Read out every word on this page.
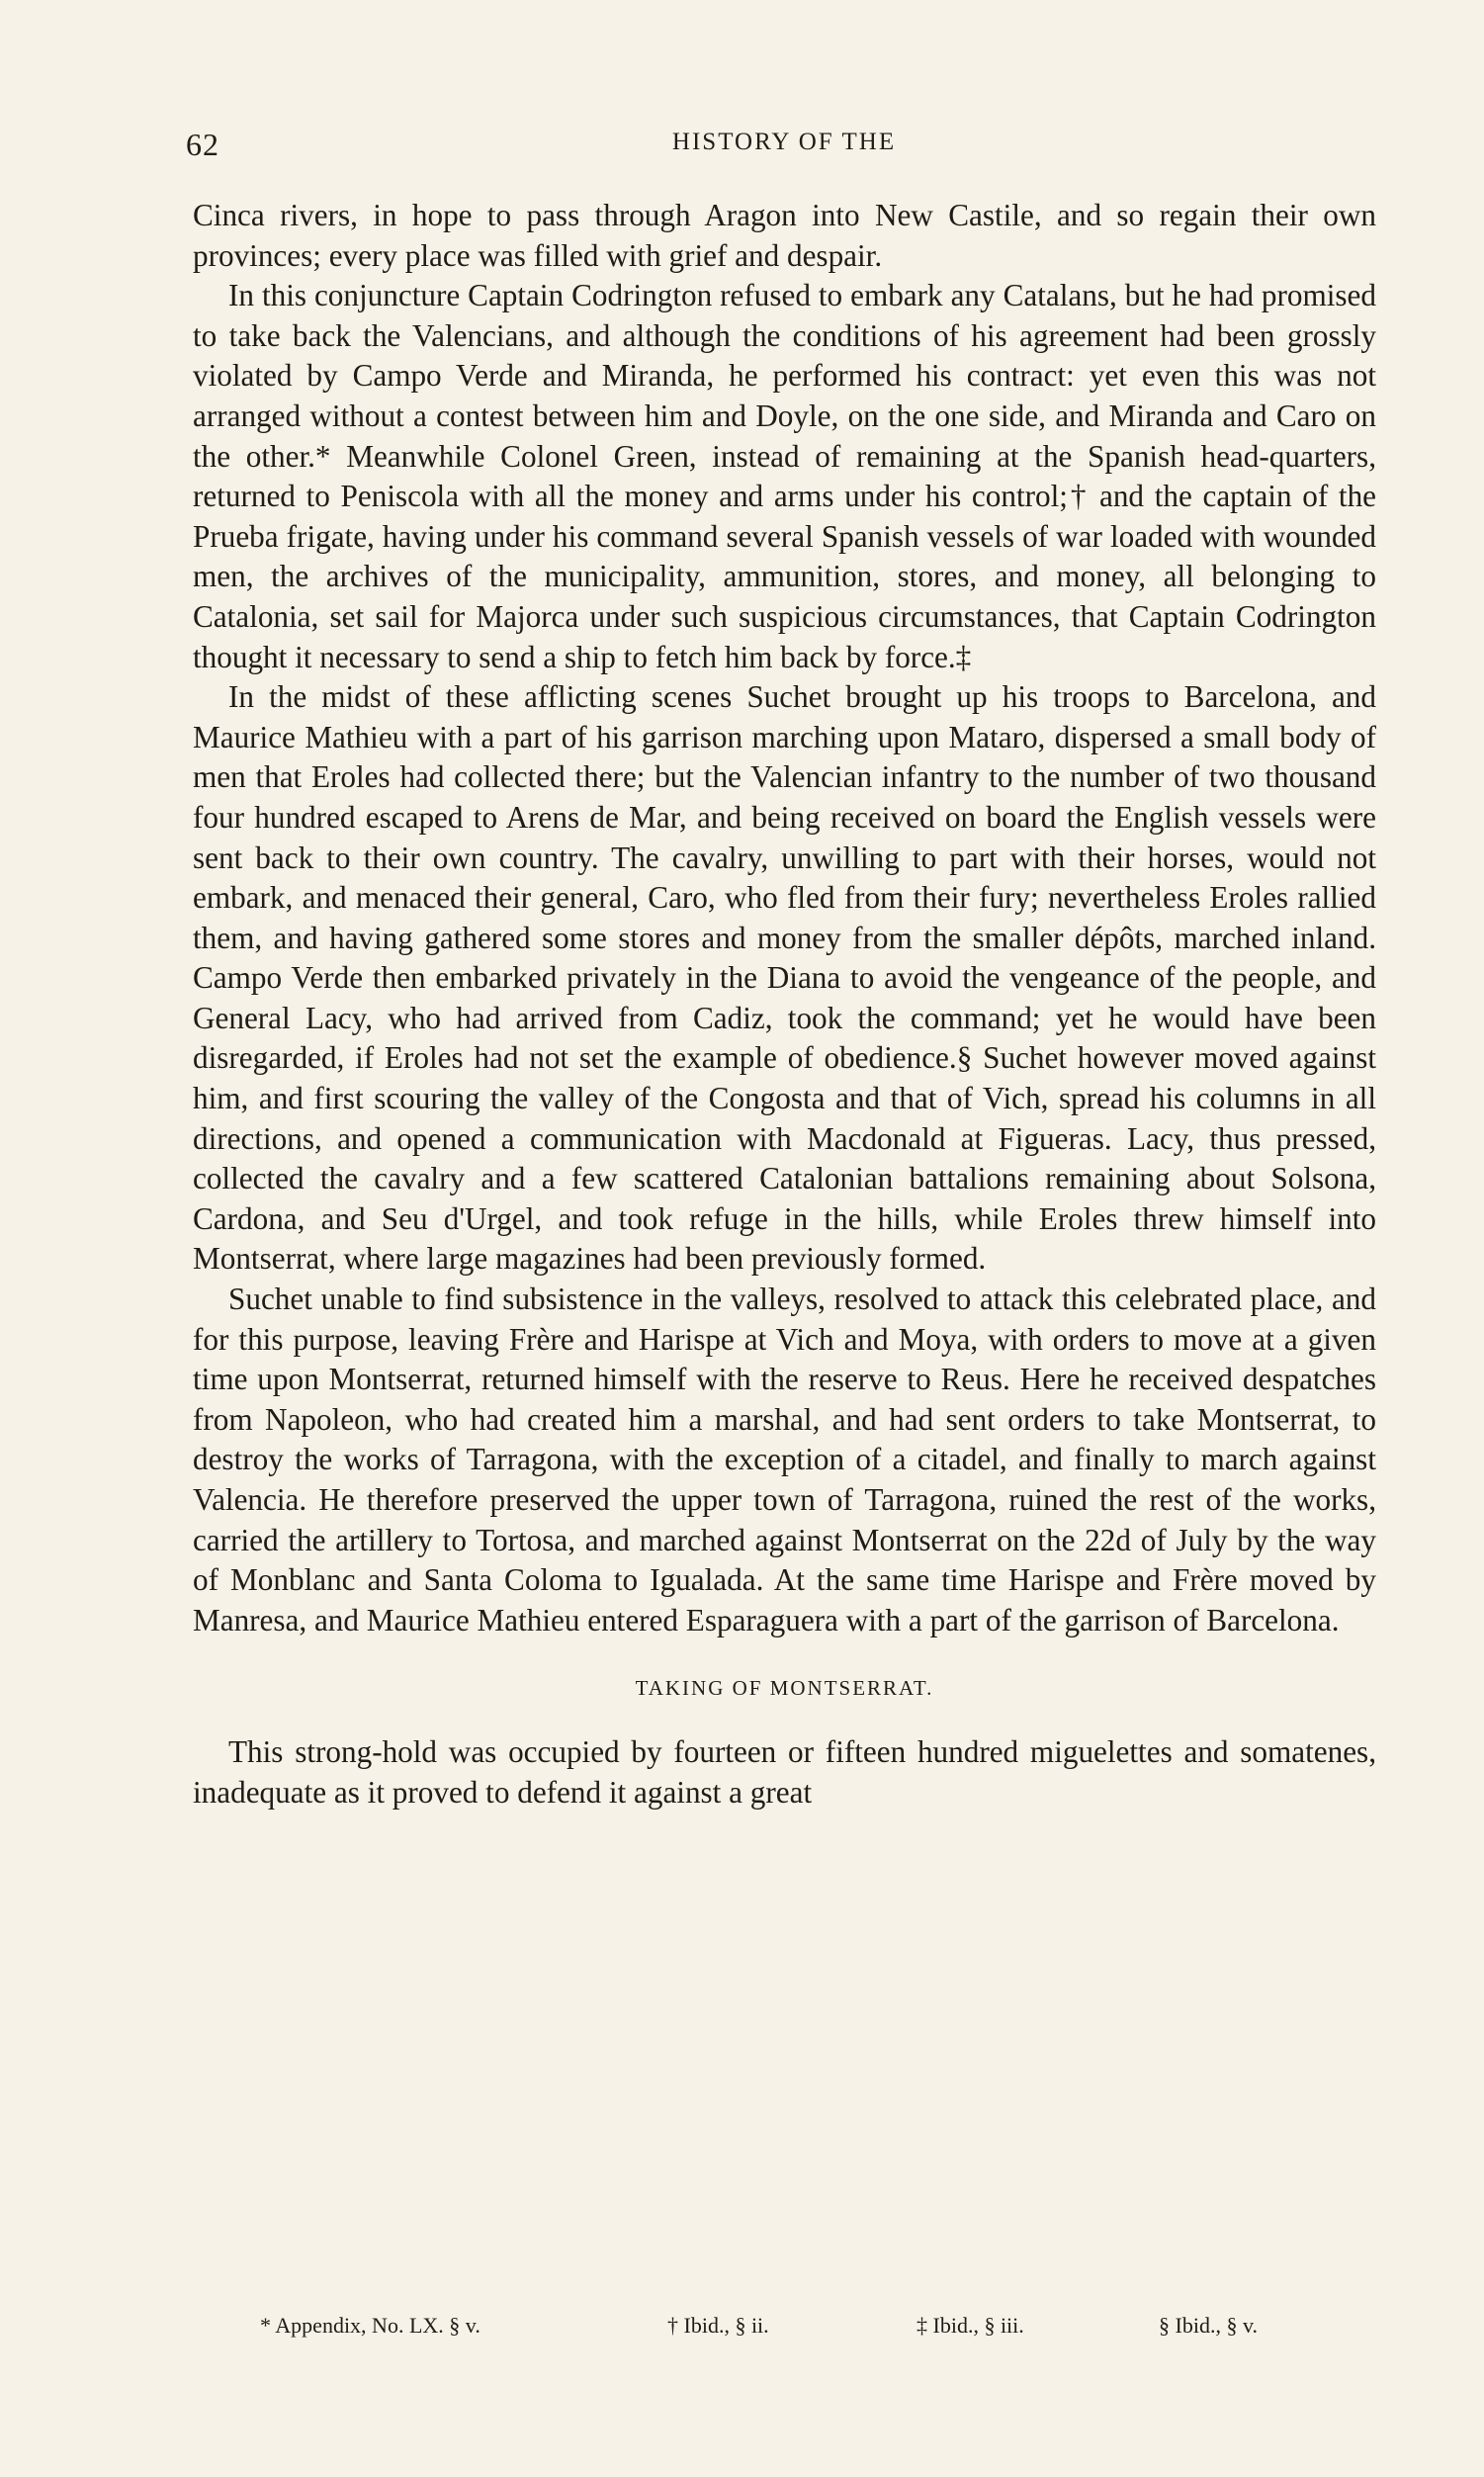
62	HISTORY OF THE

Cinca rivers, in hope to pass through Aragon into New Castile, and so regain their own provinces; every place was filled with grief and despair.

In this conjuncture Captain Codrington refused to embark any Catalans, but he had promised to take back the Valencians, and although the conditions of his agreement had been grossly violated by Campo Verde and Miranda, he performed his contract: yet even this was not arranged without a contest between him and Doyle, on the one side, and Miranda and Caro on the other.* Meanwhile Colonel Green, instead of remaining at the Spanish head-quarters, returned to Peniscola with all the money and arms under his control;† and the captain of the Prueba frigate, having under his command several Spanish vessels of war loaded with wounded men, the archives of the municipality, ammunition, stores, and money, all belonging to Catalonia, set sail for Majorca under such suspicious circumstances, that Captain Codrington thought it necessary to send a ship to fetch him back by force.‡

In the midst of these afflicting scenes Suchet brought up his troops to Barcelona, and Maurice Mathieu with a part of his garrison marching upon Mataro, dispersed a small body of men that Eroles had collected there; but the Valencian infantry to the number of two thousand four hundred escaped to Arens de Mar, and being received on board the English vessels were sent back to their own country. The cavalry, unwilling to part with their horses, would not embark, and menaced their general, Caro, who fled from their fury; nevertheless Eroles rallied them, and having gathered some stores and money from the smaller dépôts, marched inland. Campo Verde then embarked privately in the Diana to avoid the vengeance of the people, and General Lacy, who had arrived from Cadiz, took the command; yet he would have been disregarded, if Eroles had not set the example of obedience.§ Suchet however moved against him, and first scouring the valley of the Congosta and that of Vich, spread his columns in all directions, and opened a communication with Macdonald at Figueras. Lacy, thus pressed, collected the cavalry and a few scattered Catalonian battalions remaining about Solsona, Cardona, and Seu d'Urgel, and took refuge in the hills, while Eroles threw himself into Montserrat, where large magazines had been previously formed.

Suchet unable to find subsistence in the valleys, resolved to attack this celebrated place, and for this purpose, leaving Frère and Harispe at Vich and Moya, with orders to move at a given time upon Montserrat, returned himself with the reserve to Reus. Here he received despatches from Napoleon, who had created him a marshal, and had sent orders to take Montserrat, to destroy the works of Tarragona, with the exception of a citadel, and finally to march against Valencia. He therefore preserved the upper town of Tarragona, ruined the rest of the works, carried the artillery to Tortosa, and marched against Montserrat on the 22d of July by the way of Monblanc and Santa Coloma to Igualada. At the same time Harispe and Frère moved by Manresa, and Maurice Mathieu entered Esparaguera with a part of the garrison of Barcelona.

TAKING OF MONTSERRAT.

This strong-hold was occupied by fourteen or fifteen hundred miguelettes and somatenes, inadequate as it proved to defend it against a great

* Appendix, No. LX. § v.	† Ibid., § ii.	‡ Ibid., § iii.	§ Ibid., § v.
